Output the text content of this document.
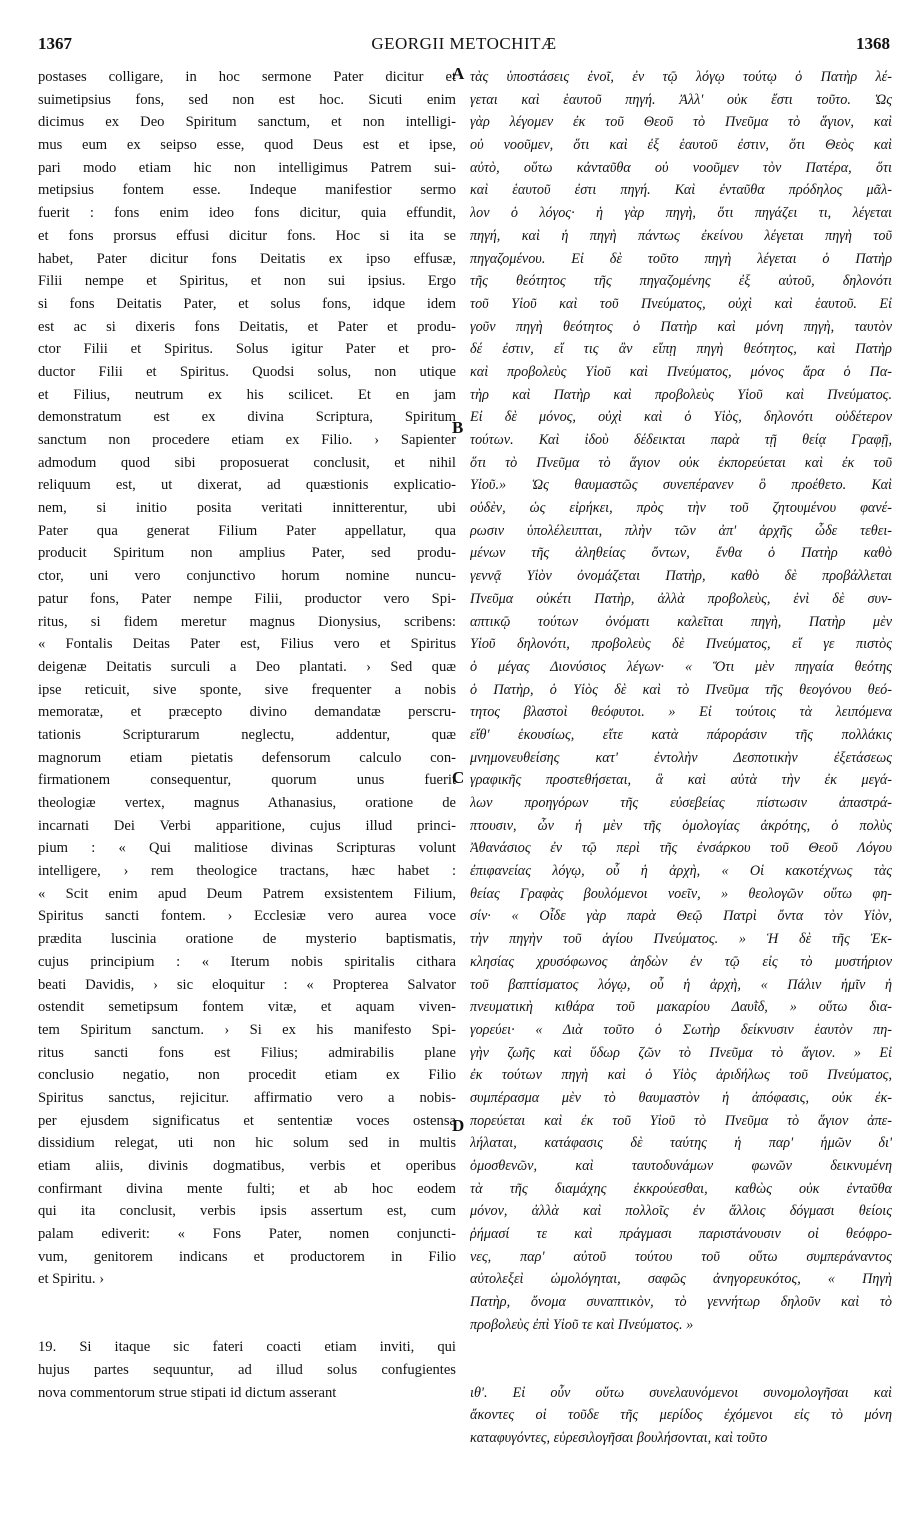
1367	GEORGII METOCHITÆ	1368
A
B
C
D
postases colligare, in hoc sermone Pater dicitur et
suimetipsius fons, sed non est hoc. Sicuti enim
dicimus ex Deo Spiritum sanctum, et non intelligi-
mus eum ex seipso esse, quod Deus est et ipse,
pari modo etiam hic non intelligimus Patrem sui-
metipsius fontem esse. Indeque manifestior sermo
fuerit : fons enim ideo fons dicitur, quia effundit,
et fons prorsus effusi dicitur fons. Hoc si ita se
habet, Pater dicitur fons Deitatis ex ipso effusæ,
Filii nempe et Spiritus, et non sui ipsius. Ergo
si fons Deitatis Pater, et solus fons, idque idem
est ac si dixeris fons Deitatis, et Pater et produ-
ctor Filii et Spiritus. Solus igitur Pater et pro-
ductor Filii et Spiritus. Quodsi solus, non utique
et Filius, neutrum ex his scilicet. Et en jam
demonstratum est ex divina Scriptura, Spiritum
sanctum non procedere etiam ex Filio. › Sapienter
admodum quod sibi proposuerat conclusit, et nihil
reliquum est, ut dixerat, ad quæstionis explicatio-
nem, si initio posita veritati innitterentur, ubi
Pater qua generat Filium Pater appellatur, qua
producit Spiritum non amplius Pater, sed produ-
ctor, uni vero conjunctivo horum nomine nuncu-
patur fons, Pater nempe Filii, productor vero Spi-
ritus, si fidem meretur magnus Dionysius, scribens:
« Fontalis Deitas Pater est, Filius vero et Spiritus
deigenæ Deitatis surculi a Deo plantati. › Sed quæ
ipse reticuit, sive sponte, sive frequenter a nobis
memoratæ, et præcepto divino demandatæ perscru-
tationis Scripturarum neglectu, addentur, quæ
magnorum etiam pietatis defensorum calculo con-
firmationem consequentur, quorum unus fuerit
theologiæ vertex, magnus Athanasius, oratione de
incarnati Dei Verbi apparitione, cujus illud princi-
pium : « Qui malitiose divinas Scripturas volunt
intelligere, › rem theologice tractans, hæc habet :
« Scit enim apud Deum Patrem exsistentem Filium,
Spiritus sancti fontem. › Ecclesiæ vero aurea voce
prædita luscinia oratione de mysterio baptismatis,
cujus principium : « Iterum nobis spiritalis cithara
beati Davidis, › sic eloquitur : « Propterea Salvator
ostendit semetipsum fontem vitæ, et aquam viven-
tem Spiritum sanctum. › Si ex his manifesto Spi-
ritus sancti fons est Filius; admirabilis plane
conclusio negatio, non procedit etiam ex Filio
Spiritus sanctus, rejicitur. affirmatio vero a nobis-
per ejusdem significatus et sententiæ voces ostensa
dissidium relegat, uti non hic solum sed in multis
etiam aliis, divinis dogmatibus, verbis et operibus
confirmant divina mente fulti; et ab hoc eodem
qui ita conclusit, verbis ipsis assertum est, cum
palam ediverit: « Fons Pater, nomen conjuncti-
vum, genitorem indicans et productorem in Filio
et Spiritu. ›
19. Si itaque sic fateri coacti etiam inviti, qui
hujus partes sequuntur, ad illud solus confugientes
nova commentorum strue stipati id dictum asserant
τὰς ὑποστάσεις ἑνοῖ, ἐν τῷ λόγῳ τούτῳ ὁ Πατὴρ λέ-
γεται καὶ ἑαυτοῦ πηγή. Ἀλλ' οὐκ ἔστι τοῦτο. Ὡς
γὰρ λέγομεν ἐκ τοῦ Θεοῦ τὸ Πνεῦμα τὸ ἅγιον, καὶ
οὐ νοοῦμεν, ὅτι καὶ ἐξ ἑαυτοῦ ἐστιν, ὅτι Θεὸς καὶ
αὐτὸ, οὕτω κἀνταῦθα οὐ νοοῦμεν τὸν Πατέρα, ὅτι
καὶ ἑαυτοῦ ἐστι πηγή. Καὶ ἐνταῦθα πρόδηλος μᾶλ-
λον ὁ λόγος· ἡ γὰρ πηγὴ, ὅτι πηγάζει τι, λέγεται
πηγή, καὶ ἡ πηγὴ πάντως ἐκείνου λέγεται πηγὴ τοῦ
πηγαζομένου. Εἰ δὲ τοῦτο πηγὴ λέγεται ὁ Πατὴρ
τῆς θεότητος τῆς πηγαζομένης ἐξ αὐτοῦ, δηλονότι
τοῦ Υἱοῦ καὶ τοῦ Πνεύματος, οὐχὶ καὶ ἑαυτοῦ. Εἰ
γοῦν πηγὴ θεότητος ὁ Πατὴρ καὶ μόνη πηγὴ, ταυτὸν
δέ ἐστιν, εἴ τις ἂν εἴπῃ πηγὴ θεότητος, καὶ Πατὴρ
καὶ προβολεὺς Υἱοῦ καὶ Πνεύματος, μόνος ἄρα ὁ Πα-
τὴρ καὶ Πατὴρ καὶ προβολεὺς Υἱοῦ καὶ Πνεύματος.
Εἰ δὲ μόνος, οὐχὶ καὶ ὁ Υἱὸς, δηλονότι οὐδέτερον
τούτων. Καὶ ἰδοὺ δέδεικται παρὰ τῇ θείᾳ Γραφῇ,
ὅτι τὸ Πνεῦμα τὸ ἅγιον οὐκ ἐκπορεύεται καὶ ἐκ τοῦ
Υἱοῦ.» Ὡς θαυμαστῶς συνεπέρανεν ὃ προέθετο. Καὶ
οὐδὲν, ὡς εἰρήκει, πρὸς τὴν τοῦ ζητουμένου φανέ-
ρωσιν ὑπολέλειπται, πλὴν τῶν ἀπ' ἀρχῆς ὧδε τεθει-
μένων τῆς ἀληθείας ὄντων, ἔνθα ὁ Πατὴρ καθὸ
γεννᾷ Υἱὸν ὀνομάζεται Πατὴρ, καθὸ δὲ προβάλλεται
Πνεῦμα οὐκέτι Πατὴρ, ἀλλὰ προβολεὺς, ἑνὶ δὲ συν-
απτικῷ τούτων ὀνόματι καλεῖται πηγὴ, Πατὴρ μὲν
Υἱοῦ δηλονότι, προβολεὺς δὲ Πνεύματος, εἴ γε πιστὸς
ὁ μέγας Διονύσιος λέγων· « Ὅτι μὲν πηγαία θεότης
ὁ Πατὴρ, ὁ Υἱὸς δὲ καὶ τὸ Πνεῦμα τῆς θεογόνου θεό-
τητος βλαστοὶ θεόφυτοι. » Εἰ τούτοις τὰ λειπόμενα
εἴθ' ἑκουσίως, εἴτε κατὰ πάροράσιν τῆς πολλάκις
μνημονευθείσης κατ' ἐντολὴν Δεσποτικὴν ἐξετάσεως
γραφικῆς προστεθήσεται, ἃ καὶ αὐτὰ τὴν ἐκ μεγά-
λων προηγόρων τῆς εὐσεβείας πίστωσιν ἀπαστρά-
πτουσιν, ὧν ἡ μὲν τῆς ὁμολογίας ἀκρότης, ὁ πολὺς
Ἀθανάσιος ἐν τῷ περὶ τῆς ἐνσάρκου τοῦ Θεοῦ Λόγου
ἐπιφανείας λόγῳ, οὗ ἡ ἀρχὴ, « Οἱ κακοτέχνως τὰς
θείας Γραφὰς βουλόμενοι νοεῖν, » θεολογῶν οὕτω φη-
σίν· « Οἶδε γὰρ παρὰ Θεῷ Πατρὶ ὄντα τὸν Υἱὸν,
τὴν πηγὴν τοῦ ἁγίου Πνεύματος. » Ἡ δὲ τῆς Ἐκ-
κλησίας χρυσόφωνος ἀηδὼν ἐν τῷ εἰς τὸ μυστήριον
τοῦ βαπτίσματος λόγῳ, οὗ ἡ ἀρχὴ, « Πάλιν ἡμῖν ἡ
πνευματικὴ κιθάρα τοῦ μακαρίου Δαυῒδ, » οὕτω δια-
γορεύει· « Διὰ τοῦτο ὁ Σωτὴρ δείκνυσιν ἑαυτὸν πη-
γὴν ζωῆς καὶ ὕδωρ ζῶν τὸ Πνεῦμα τὸ ἅγιον. » Εἰ
ἐκ τούτων πηγὴ καὶ ὁ Υἱὸς ἀριδήλως τοῦ Πνεύματος,
συμπέρασμα μὲν τὸ θαυμαστὸν ἡ ἀπόφασις, οὐκ ἐκ-
πορεύεται καὶ ἐκ τοῦ Υἱοῦ τὸ Πνεῦμα τὸ ἅγιον ἀπε-
λήλαται, κατάφασις δὲ ταύτης ἡ παρ' ἡμῶν δι'
ὁμοσθενῶν, καὶ ταυτοδυνάμων φωνῶν δεικνυμένη
τὰ τῆς διαμάχης ἐκκρούεσθαι, καθὼς οὐκ ἐνταῦθα
μόνον, ἀλλὰ καὶ πολλοῖς ἐν ἄλλοις δόγμασι θείοις
ῥήμασί τε καὶ πράγμασι παριστάνουσιν οἱ θεόφρο-
νες, παρ' αὐτοῦ τούτου τοῦ οὕτω συμπεράναντος
αὐτολεξεὶ ὡμολόγηται, σαφῶς ἀνηγορευκότος, « Πηγὴ
Πατὴρ, ὄνομα συναπτικὸν, τὸ γεννήτωρ δηλοῦν καὶ τὸ
προβολεὺς ἐπὶ Υἱοῦ τε καὶ Πνεύματος. »
ιθ'. Εἰ οὖν οὕτω συνελαυνόμενοι συνομολογῆσαι καὶ
ἄκοντες οἱ τοῦδε τῆς μερίδος ἐχόμενοι εἰς τὸ μόνη
καταφυγόντες, εὑρεσιλογῆσαι βουλήσονται, καὶ τοῦτο
